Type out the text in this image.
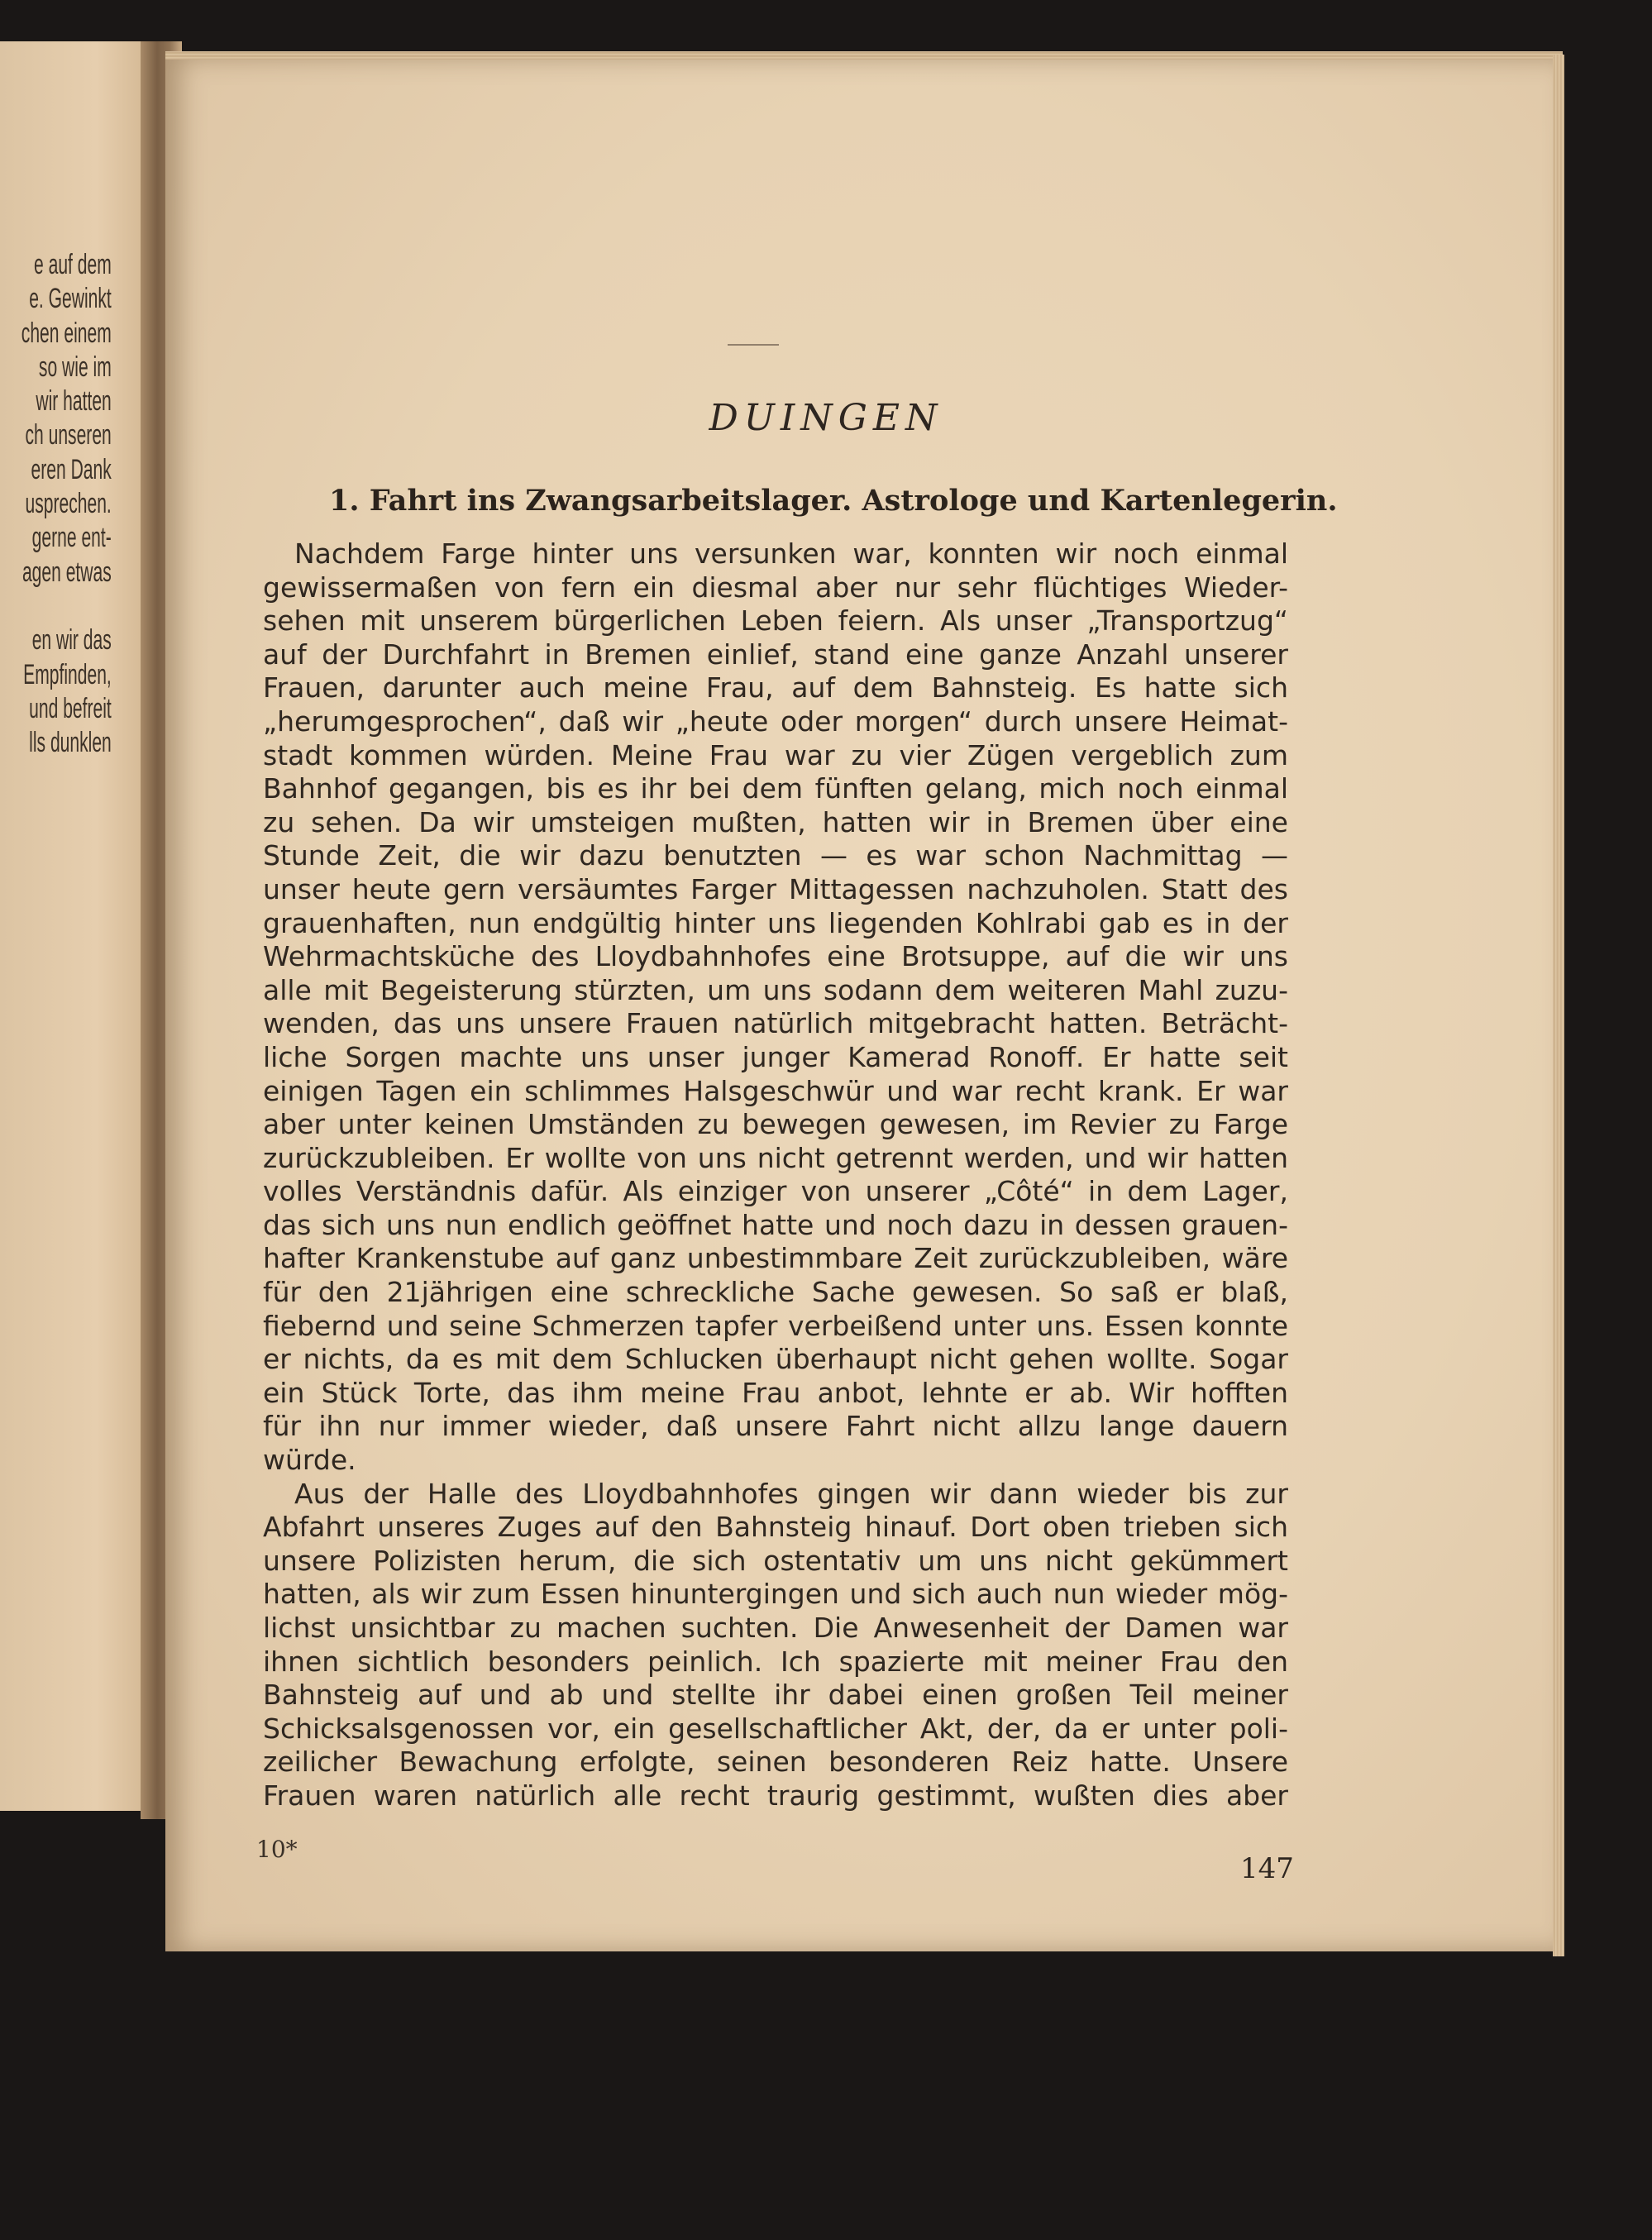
e auf dem
e. Gewinkt
chen einem
so wie im
wir hatten
ch unseren
eren Dank
usprechen.
gerne ent-
agen etwas
en wir das
Empfinden,
und befreit
lls dunklen
DUINGEN
1. Fahrt ins Zwangsarbeitslager. Astrologe und Kartenlegerin.
Nachdem Farge hinter uns versunken war, konnten wir noch einmal
gewissermaßen von fern ein diesmal aber nur sehr flüchtiges Wieder-
sehen mit unserem bürgerlichen Leben feiern. Als unser „Transportzug“
auf der Durchfahrt in Bremen einlief, stand eine ganze Anzahl unserer
Frauen, darunter auch meine Frau, auf dem Bahnsteig. Es hatte sich
„herumgesprochen“, daß wir „heute oder morgen“ durch unsere Heimat-
stadt kommen würden. Meine Frau war zu vier Zügen vergeblich zum
Bahnhof gegangen, bis es ihr bei dem fünften gelang, mich noch einmal
zu sehen. Da wir umsteigen mußten, hatten wir in Bremen über eine
Stunde Zeit, die wir dazu benutzten — es war schon Nachmittag —
unser heute gern versäumtes Farger Mittagessen nachzuholen. Statt des
grauenhaften, nun endgültig hinter uns liegenden Kohlrabi gab es in der
Wehrmachtsküche des Lloydbahnhofes eine Brotsuppe, auf die wir uns
alle mit Begeisterung stürzten, um uns sodann dem weiteren Mahl zuzu-
wenden, das uns unsere Frauen natürlich mitgebracht hatten. Beträcht-
liche Sorgen machte uns unser junger Kamerad Ronoff. Er hatte seit
einigen Tagen ein schlimmes Halsgeschwür und war recht krank. Er war
aber unter keinen Umständen zu bewegen gewesen, im Revier zu Farge
zurückzubleiben. Er wollte von uns nicht getrennt werden, und wir hatten
volles Verständnis dafür. Als einziger von unserer „Côté“ in dem Lager,
das sich uns nun endlich geöffnet hatte und noch dazu in dessen grauen-
hafter Krankenstube auf ganz unbestimmbare Zeit zurückzubleiben, wäre
für den 21jährigen eine schreckliche Sache gewesen. So saß er blaß,
fiebernd und seine Schmerzen tapfer verbeißend unter uns. Essen konnte
er nichts, da es mit dem Schlucken überhaupt nicht gehen wollte. Sogar
ein Stück Torte, das ihm meine Frau anbot, lehnte er ab. Wir hofften
für ihn nur immer wieder, daß unsere Fahrt nicht allzu lange dauern
würde.
Aus der Halle des Lloydbahnhofes gingen wir dann wieder bis zur
Abfahrt unseres Zuges auf den Bahnsteig hinauf. Dort oben trieben sich
unsere Polizisten herum, die sich ostentativ um uns nicht gekümmert
hatten, als wir zum Essen hinuntergingen und sich auch nun wieder mög-
lichst unsichtbar zu machen suchten. Die Anwesenheit der Damen war
ihnen sichtlich besonders peinlich. Ich spazierte mit meiner Frau den
Bahnsteig auf und ab und stellte ihr dabei einen großen Teil meiner
Schicksalsgenossen vor, ein gesellschaftlicher Akt, der, da er unter poli-
zeilicher Bewachung erfolgte, seinen besonderen Reiz hatte. Unsere
Frauen waren natürlich alle recht traurig gestimmt, wußten dies aber
10*
147
